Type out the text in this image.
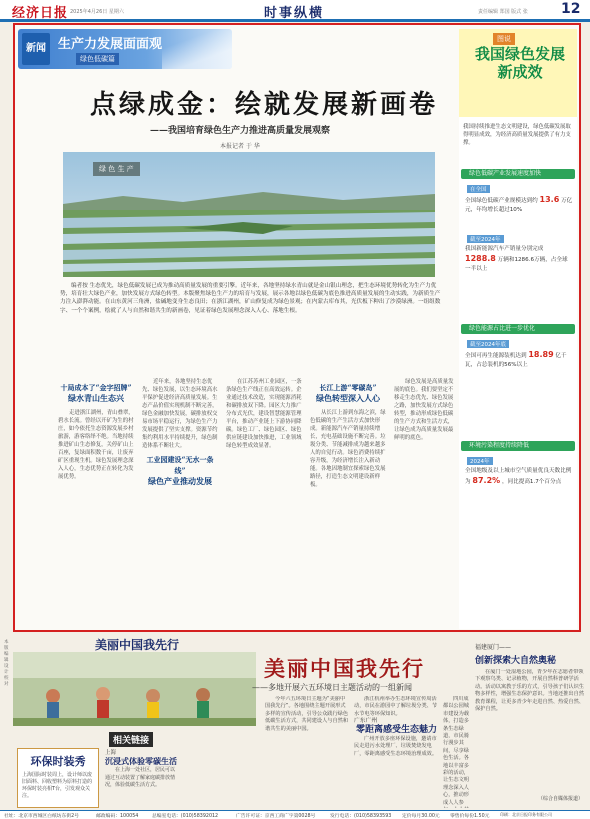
经济日报 2025年4月26日 星期六	时事纵横	责任编辑 郑国 版式 张 12
新闻 生产力发展面面观
绿色低碳篇
点绿成金：绘就发展新画卷
——我国培育绿色生产力推进高质量发展观察
本报记者 于 华
绿 色 生 产
编者按 生态优先，绿色低碳发展已成为推动高质量发展的重要引擎。近年来，各地坚持绿水青山就是金山银山理念，把生态环境优势转化为生产力优势，培育壮大绿色产业，加快发展方式绿色转型。本版聚焦绿色生产力的培育与发展，展示各地以绿色低碳为底色推进高质量发展的生动实践，为新质生产力注入澎湃动能。在山东黄河三角洲，盐碱地变身生态良田；在浙江湖州，矿山修复成为绿色景观；在内蒙古库布其，光伏板下种出了沙漠绿洲。一组组数字、一个个案例，绘就了人与自然和谐共生的新画卷，见证着绿色发展理念深入人心、落地生根。
十局成本了“金字招牌”
绿水青山生态兴

走进浙江湖州，青山叠翠，碧水长流。曾经以开矿为生的村庄，如今依托生态资源发展乡村旅游，游客络绎不绝。当地持续推进矿山生态修复，关停矿山上百座，复绿面积数千亩，让废弃矿区重现生机。绿色发展理念深入人心，生态优势正在转化为发展优势。

近年来，各地坚持生态优先、绿色发展，以生态环境高水平保护促进经济高质量发展。生态产品价值实现机制不断完善，绿色金融加快发展，碳排放权交易市场平稳运行，为绿色生产力发展提供了坚实支撑。资源节约集约利用水平持续提升，绿色制造体系不断壮大。

工业园建设“无水一条线”
绿色产业推动发展

在江苏苏州工业园区，一条条绿色生产线正在高效运转。企业通过技术改造，实现能源消耗和碳排放双下降。园区大力推广分布式光伏，建设智慧能源管理平台，推动产业链上下游协同降碳。绿色工厂、绿色园区、绿色供应链建设加快推进，工业领域绿色转型成效显著。

长江上游“零碳岛”
绿色转型深入人心

从长江上游到东海之滨，绿色低碳的生产生活方式加快形成。新能源汽车产销量持续增长，充电基础设施不断完善。垃圾分类、节能减排成为越来越多人的自觉行动。绿色消费持续扩容升级，为经济增长注入新动能。各地因地制宜探索绿色发展路径，打造生态文明建设新样板。

绿色发展是高质量发展的底色。我们要坚定不移走生态优先、绿色发展之路，加快发展方式绿色转型，推动形成绿色低碳的生产方式和生活方式，让绿色成为高质量发展最鲜明的底色。

图说
我国绿色发展新成效
我国持续推进生态文明建设，绿色低碳发展取得明显成效，为经济高质量发展提供了有力支撑。
绿色低碳产业发展速度加快
在全国
全国绿色低碳产业规模达到约 13.6 万亿元，年均增长超过10%
截至2024年
我国新能源汽车产销量分别完成 1288.8 万辆和1286.6万辆，占全球一半以上
绿色能源占比进一步优化
截至2024年底
全国可再生能源装机达到 18.89 亿千瓦，占总装机的56%以上
环境污染程度持续降低
2024年
全国地级及以上城市空气质量优良天数比例为 87.2% ，同比提高1.7个百分点
本版编辑 设计 校对
美丽中国我先行
相关链接
环保时装秀
上海国际时装周上，设计师以废旧面料、回收塑料为原料打造的环保时装亮相T台，引发观众关注。
上海
沉浸式体验零碳生活
在上海一处社区，居民可以通过互动装置了解家庭碳排放情况，体验低碳生活方式。
美丽中国我先行
——多地开展六五环境日主题活动的一组新闻
今年六五环境日主题为“美丽中国我先行”。各地围绕主题开展形式多样的宣传活动，引导公众践行绿色低碳生活方式，共同建设人与自然和谐共生的美丽中国。
浙江杭州举办生态环境宣传周活动，市民在游园中了解垃圾分类、节水节电等环保知识。
广东广州
零距离感受生态魅力
广州开放多座环保设施，邀请市民走进污水处理厂、垃圾焚烧发电厂，零距离感受生态环境治理成效。
四川成都以公园城市建设为载体，打造多条生态绿道，市民骑行漫步其间，尽享绿色生活。各地以丰富多彩的活动，让生态文明理念深入人心，推动形成人人参
福建厦门——
创新探索大自然奥秘
在厦门一处湿地公园，青少年在志愿者带领下观察鸟类、记录植物，开展自然科普研学活动。活动以寓教于乐的方式，引导孩子们认识生物多样性，增强生态保护意识。当地还推出自然教育课程，让更多青少年走进自然、热爱自然、保护自然。
（综合自媒体报道）
社址：北京市西城区白纸坊东街2号	邮政编码：100054	总编室电话：(010)58392012	广告许可证：京西工商广字第0028号	发行电话：(010)58393593 定价每月30.00元 零售价每份1.50元	印刷：北京日报印务有限公司
